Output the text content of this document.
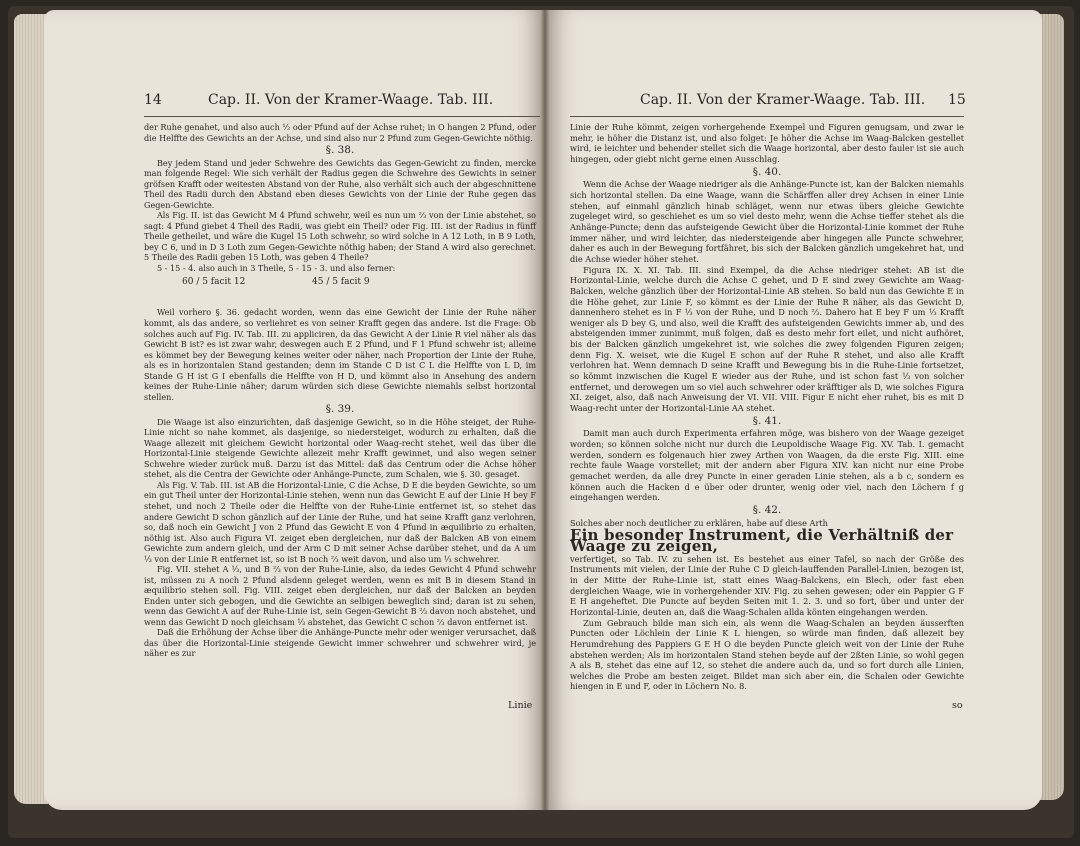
14	Cap. II. Von der Kramer-Waage. Tab. III.

der Ruhe genahet, und also auch ½ oder Pfund auf der Achse ruhet; in O hangen 2 Pfund, oder die Helffte des Gewichts an der Achse, und sind also nur 2 Pfund zum Gegen-Gewichte nöthig.

§. 38.

Bey jedem Stand und jeder Schwehre des Gewichts das Gegen-Gewicht zu finden, mercke man folgende Regel: Wie sich verhält der Radius gegen die Schwehre des Gewichts in seiner gröfsen Krafft oder weitesten Abstand von der Ruhe, also verhält sich auch der abgeschnittene Theil des Radii durch den Abstand eben dieses Gewichts von der Linie der Ruhe gegen das Gegen-Gewichte.

Als Fig. II. ist das Gewicht M 4 Pfund schwehr, weil es nun um ⅔ von der Linie abstehet, so sagt: 4 Pfund giebet 4 Theil des Radii, was giebt ein Theil? oder Fig. III. ist der Radius in fünff Theile getheilet, und wäre die Kugel 15 Loth schwehr, so wird solche in A 12 Loth, in B 9 Loth, bey C 6, und in D 3 Loth zum Gegen-Gewichte nöthig haben; der Stand A wird also gerechnet. 5 Theile des Radii geben 15 Loth, was geben 4 Theile?

5 - 15 - 4. also auch in 3 Theile, 5 - 15 - 3. und also ferner:

60 / 5 facit 12	45 / 5 facit 9

Weil vorhero §. 36. gedacht worden, wenn das eine Gewicht der Linie der Ruhe näher kommt, als das andere, so verliehret es von seiner Krafft gegen das andere. Ist die Frage: Ob solches auch auf Fig. IV. Tab. III. zu appliciren, da das Gewicht A der Linie R viel näher als das Gewicht B ist? es ist zwar wahr, deswegen auch E 2 Pfund, und F 1 Pfund schwehr ist; alleine es kömmet bey der Bewegung keines weiter oder näher, nach Proportion der Linie der Ruhe, als es in horizontalen Stand gestanden; denn im Stande C D ist C L die Helffte von L D, im Stande G H ist G I ebenfalls die Helffte von H D, und kömmt also in Ansehung des andern keines der Ruhe-Linie näher; darum würden sich diese Gewichte niemahls selbst horizontal stellen.

§. 39.

Die Waage ist also einzurichten, daß dasjenige Gewicht, so in die Höhe steiget, der Ruhe-Linie nicht so nahe kommet, als dasjenige, so niedersteiget, wodurch zu erhalten, daß die Waage allezeit mit gleichem Gewicht horizontal oder Waag-recht stehet, weil das über die Horizontal-Linie steigende Gewichte allezeit mehr Krafft gewinnet, und also wegen seiner Schwehre wieder zurück muß. Darzu ist das Mittel: daß das Centrum oder die Achse höher stehet, als die Centra der Gewichte oder Anhänge-Puncte, zum Schalen, wie §. 30. gesaget.

Als Fig. V. Tab. III. ist AB die Horizontal-Linie, C die Achse, D E die beyden Gewichte, so um ein gut Theil unter der Horizontal-Linie stehen, wenn nun das Gewicht E auf der Linie H bey F stehet, und noch 2 Theile oder die Helffte von der Ruhe-Linie entfernet ist, so stehet das andere Gewicht D schon gänzlich auf der Linie der Ruhe, und hat seine Krafft ganz verlohren, so, daß noch ein Gewicht J von 2 Pfund das Gewicht E von 4 Pfund in æquilibrio zu erhalten, nöthig ist. Also auch Figura VI. zeiget eben dergleichen, nur daß der Balcken AB von einem Gewichte zum andern gleich, und der Arm C D mit seiner Achse darüber stehet, und da A um ⅓ von der Linie R entfernet ist, so ist B noch ⅔ weit davon, und also um ⅓ schwehrer.

Fig. VII. stehet A ⅓, und B ⅔ von der Ruhe-Linie, also, da iedes Gewicht 4 Pfund schwehr ist, müssen zu A noch 2 Pfund alsdenn geleget werden, wenn es mit B in diesem Stand in æquilibrio stehen soll. Fig. VIII. zeiget eben dergleichen, nur daß der Balcken an beyden Enden unter sich gebogen, und die Gewichte an selbigen beweglich sind; daran ist zu sehen, wenn das Gewicht A auf der Ruhe-Linie ist, sein Gegen-Gewicht B ⅔ davon noch abstehet, und wenn das Gewicht D noch gleichsam ⅓ abstehet, das Gewicht C schon ⅔ davon entfernet ist.

Daß die Erhöhung der Achse über die Anhänge-Puncte mehr oder weniger verursachet, daß das über die Horizontal-Linie steigende Gewicht immer schwehrer und schwehrer wird, je näher es zur

Linie
Cap. II. Von der Kramer-Waage. Tab. III. 15

Linie der Ruhe kömmt, zeigen vorhergehende Exempel und Figuren genugsam, und zwar ie mehr, ie höher die Distanz ist, und also folget: Je höher die Achse im Waag-Balcken gestellet wird, ie leichter und behender stellet sich die Waage horizontal, aber desto fauler ist sie auch hingegen, oder giebt nicht gerne einen Ausschlag.

§. 40.

Wenn die Achse der Waage niedriger als die Anhänge-Puncte ist, kan der Balcken niemahls sich horizontal stellen. Da eine Waage, wann die Schärffen aller drey Achsen in einer Linie stehen, auf einmahl gänzlich hinab schläget, wenn nur etwas übers gleiche Gewichte zugeleget wird, so geschiehet es um so viel desto mehr, wenn die Achse tieffer stehet als die Anhänge-Puncte; denn das aufsteigende Gewicht über die Horizontal-Linie kommet der Ruhe immer näher, und wird leichter, das niedersteigende aber hingegen alle Puncte schwehrer, daher es auch in der Bewegung fortfähret, bis sich der Balcken gänzlich umgekehret hat, und die Achse wieder höher stehet.

Figura IX. X. XI. Tab. III. sind Exempel, da die Achse niedriger stehet: AB ist die Horizontal-Linie, welche durch die Achse C gehet, und D E sind zwey Gewichte am Waag-Balcken, welche gänzlich über der Horizontal-Linie AB stehen. So bald nun das Gewichte E in die Höhe gehet, zur Linie F, so kömmt es der Linie der Ruhe R näher, als das Gewicht D, dannenhero stehet es in F ⅓ von der Ruhe, und D noch ⅔. Dahero hat E bey F um ⅓ Krafft weniger als D bey G, und also, weil die Krafft des aufsteigenden Gewichts immer ab, und des absteigenden immer zunimmt, muß folgen, daß es desto mehr fort eilet, und nicht aufhöret, bis der Balcken gänzlich umgekehret ist, wie solches die zwey folgenden Figuren zeigen; denn Fig. X. weiset, wie die Kugel E schon auf der Ruhe R stehet, und also alle Krafft verlohren hat. Wenn demnach D seine Krafft und Bewegung bis in die Ruhe-Linie fortsetzet, so kömmt inzwischen die Kugel E wieder aus der Ruhe, und ist schon fast ⅓ von solcher entfernet, und derowegen um so viel auch schwehrer oder kräfftiger als D, wie solches Figura XI. zeiget, also, daß nach Anweisung der VI. VII. VIII. Figur E nicht eher ruhet, bis es mit D Waag-recht unter der Horizontal-Linie AA stehet.

§. 41.

Damit man auch durch Experimenta erfahren möge, was bishero von der Waage gezeiget worden; so können solche nicht nur durch die Leupoldische Waage Fig. XV. Tab. I. gemacht werden, sondern es folgenauch hier zwey Arthen von Waagen, da die erste Fig. XIII. eine rechte faule Waage vorstellet; mit der andern aber Figura XIV. kan nicht nur eine Probe gemachet werden, da alle drey Puncte in einer geraden Linie stehen, als a b c, sondern es können auch die Hacken d e über oder drunter, wenig oder viel, nach den Löchern f g eingehangen werden.

§. 42.

Solches aber noch deutlicher zu erklären, habe auf diese Arth

Ein besonder Instrument, die Verhältniß der Waage zu zeigen,

verfertiget, so Tab. IV. zu sehen ist. Es bestehet aus einer Tafel, so nach der Größe des Instruments mit vielen, der Linie der Ruhe C D gleich-lauffenden Parallel-Linien, bezogen ist, in der Mitte der Ruhe-Linie ist, statt eines Waag-Balckens, ein Blech, oder fast eben dergleichen Waage, wie in vorhergehender XIV. Fig. zu sehen gewesen; oder ein Pappier G F E H angeheftet. Die Puncte auf beyden Seiten mit 1. 2. 3. und so fort, über und unter der Horizontal-Linie, deuten an, daß die Waag-Schalen allda könten eingehangen werden.

Zum Gebrauch bilde man sich ein, als wenn die Waag-Schalen an beyden äusserften Puncten oder Löchlein der Linie K L hiengen, so würde man finden, daß allezeit bey Herumdrehung des Pappiers G E H O die beyden Puncte gleich weit von der Linie der Ruhe abstehen werden; Als im horizontalen Stand stehen beyde auf der 2ßten Linie, so wohl gegen A als B, stehet das eine auf 12, so stehet die andere auch da, und so fort durch alle Linien, welches die Probe am besten zeiget. Bildet man sich aber ein, die Schalen oder Gewichte hiengen in E und F, oder in Löchern No. 8.

so
